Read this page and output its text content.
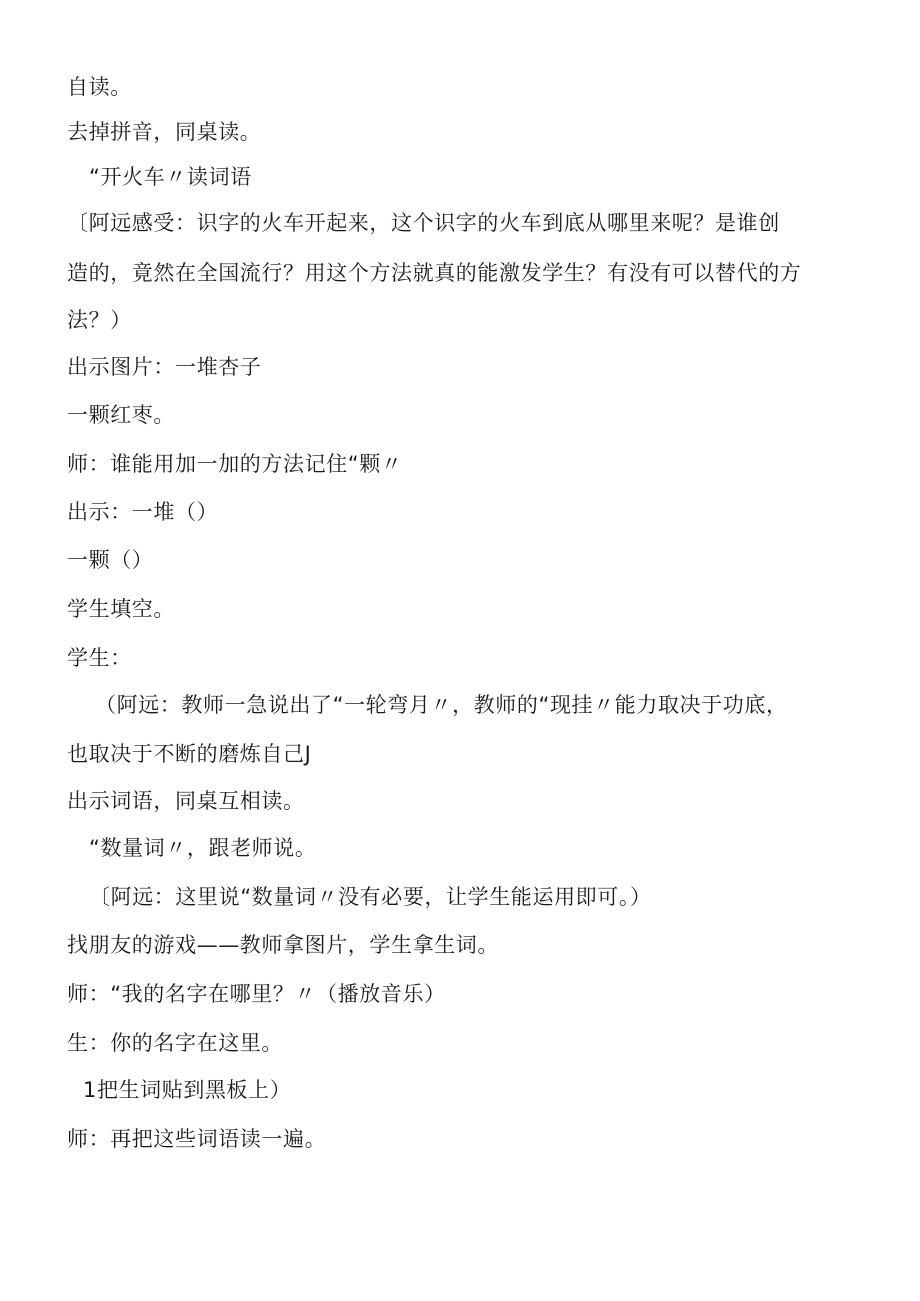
自读。
去掉拼音，同桌读。
“开火车〃读词语
〔阿远感受：识字的火车开起来，这个识字的火车到底从哪里来呢？是谁创
造的，竟然在全国流行？用这个方法就真的能激发学生？有没有可以替代的方
法？）
出示图片：一堆杏子
一颗红枣。
师：谁能用加一加的方法记住“颗〃
出示：一堆（）
一颗（）
学生填空。
学生：
（阿远：教师一急说出了“一轮弯月〃，教师的“现挂〃能力取决于功底，
也取决于不断的磨炼自己J
出示词语，同桌互相读。
“数量词〃，跟老师说。
〔阿远：这里说“数量词〃没有必要，让学生能运用即可。）
找朋友的游戏——教师拿图片，学生拿生词。
师：“我的名字在哪里？〃（播放音乐）
生：你的名字在这里。
1把生词贴到黑板上）
师：再把这些词语读一遍。
